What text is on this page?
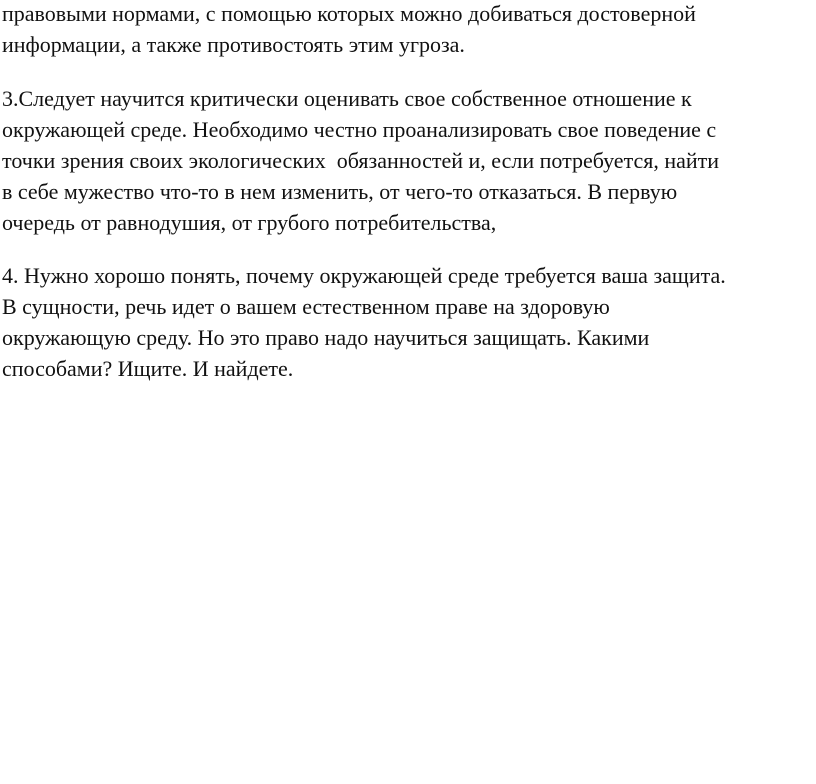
правовыми нормами, с помощью которых можно добиваться достоверной
информации, а также противостоять этим угроза.

3.Следует научится критически оценивать свое собственное отношение к
окружающей среде. Необходимо честно проанализировать свое поведение с
точки зрения своих экологических  обязанностей и, если потребуется, найти
в себе мужество что-то в нем изменить, от чего-то отказаться. В первую
очередь от равнодушия, от грубого потребительства,

4. Нужно хорошо понять, почему окружающей среде требуется ваша защита.
В сущности, речь идет о вашем естественном праве на здоровую
окружающую среду. Но это право надо научиться защищать. Какими
способами? Ищите. И найдете.
